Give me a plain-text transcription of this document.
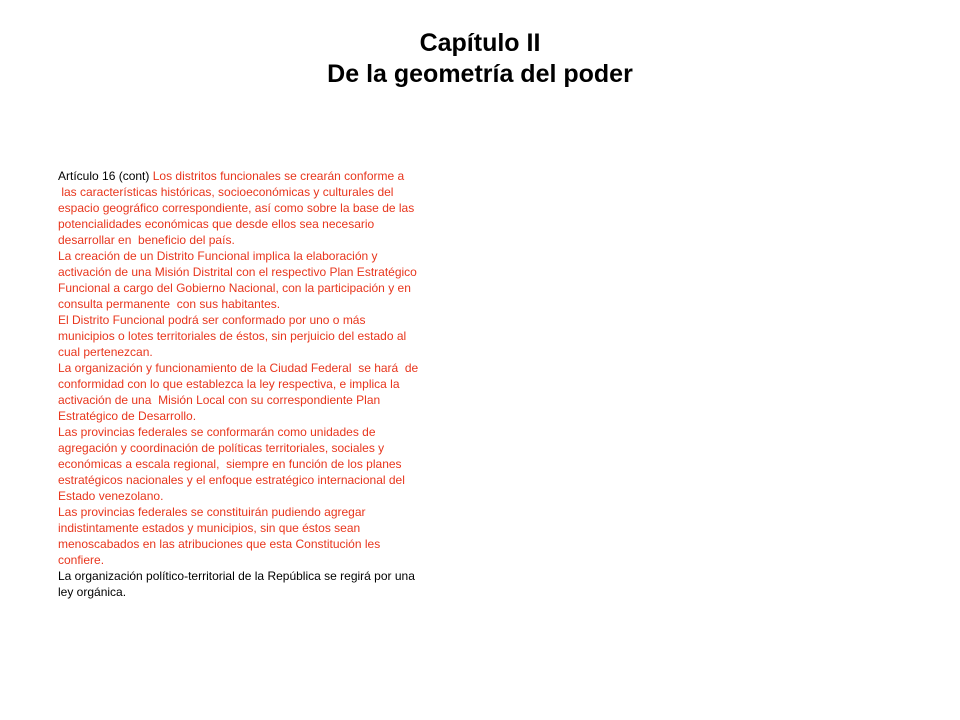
Capítulo II
De la geometría del poder
Artículo 16 (cont) Los distritos funcionales se crearán conforme a
las características históricas, socioeconómicas y culturales del
espacio geográfico correspondiente, así como sobre la base de las
potencialidades económicas que desde ellos sea necesario
desarrollar en  beneficio del país.
La creación de un Distrito Funcional implica la elaboración y
activación de una Misión Distrital con el respectivo Plan Estratégico
Funcional a cargo del Gobierno Nacional, con la participación y en
consulta permanente  con sus habitantes.
El Distrito Funcional podrá ser conformado por uno o más
municipios o lotes territoriales de éstos, sin perjuicio del estado al
cual pertenezcan.
La organización y funcionamiento de la Ciudad Federal  se hará  de
conformidad con lo que establezca la ley respectiva, e implica la
activación de una  Misión Local con su correspondiente Plan
Estratégico de Desarrollo.
Las provincias federales se conformarán como unidades de
agregación y coordinación de políticas territoriales, sociales y
económicas a escala regional,  siempre en función de los planes
estratégicos nacionales y el enfoque estratégico internacional del
Estado venezolano.
Las provincias federales se constituirán pudiendo agregar
indistintamente estados y municipios, sin que éstos sean
menoscabados en las atribuciones que esta Constitución les
confiere.
La organización político-territorial de la República se regirá por una
ley orgánica.
